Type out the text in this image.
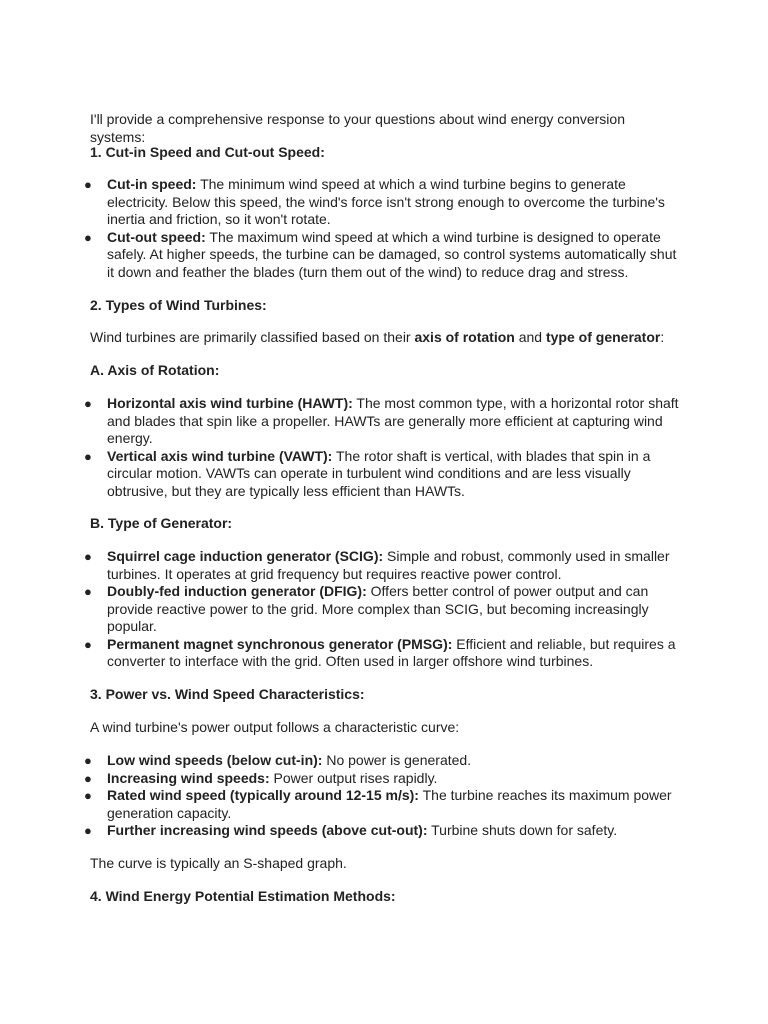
I'll provide a comprehensive response to your questions about wind energy conversion systems:

1. Cut-in Speed and Cut-out Speed:

● Cut-in speed: The minimum wind speed at which a wind turbine begins to generate electricity. Below this speed, the wind's force isn't strong enough to overcome the turbine's inertia and friction, so it won't rotate.
● Cut-out speed: The maximum wind speed at which a wind turbine is designed to operate safely. At higher speeds, the turbine can be damaged, so control systems automatically shut it down and feather the blades (turn them out of the wind) to reduce drag and stress.

2. Types of Wind Turbines:

Wind turbines are primarily classified based on their axis of rotation and type of generator:

A. Axis of Rotation:

● Horizontal axis wind turbine (HAWT): The most common type, with a horizontal rotor shaft and blades that spin like a propeller. HAWTs are generally more efficient at capturing wind energy.
● Vertical axis wind turbine (VAWT): The rotor shaft is vertical, with blades that spin in a circular motion. VAWTs can operate in turbulent wind conditions and are less visually obtrusive, but they are typically less efficient than HAWTs.

B. Type of Generator:

● Squirrel cage induction generator (SCIG): Simple and robust, commonly used in smaller turbines. It operates at grid frequency but requires reactive power control.
● Doubly-fed induction generator (DFIG): Offers better control of power output and can provide reactive power to the grid. More complex than SCIG, but becoming increasingly popular.
● Permanent magnet synchronous generator (PMSG): Efficient and reliable, but requires a converter to interface with the grid. Often used in larger offshore wind turbines.

3. Power vs. Wind Speed Characteristics:

A wind turbine's power output follows a characteristic curve:

● Low wind speeds (below cut-in): No power is generated.
● Increasing wind speeds: Power output rises rapidly.
● Rated wind speed (typically around 12-15 m/s): The turbine reaches its maximum power generation capacity.
● Further increasing wind speeds (above cut-out): Turbine shuts down for safety.

The curve is typically an S-shaped graph.

4. Wind Energy Potential Estimation Methods:
